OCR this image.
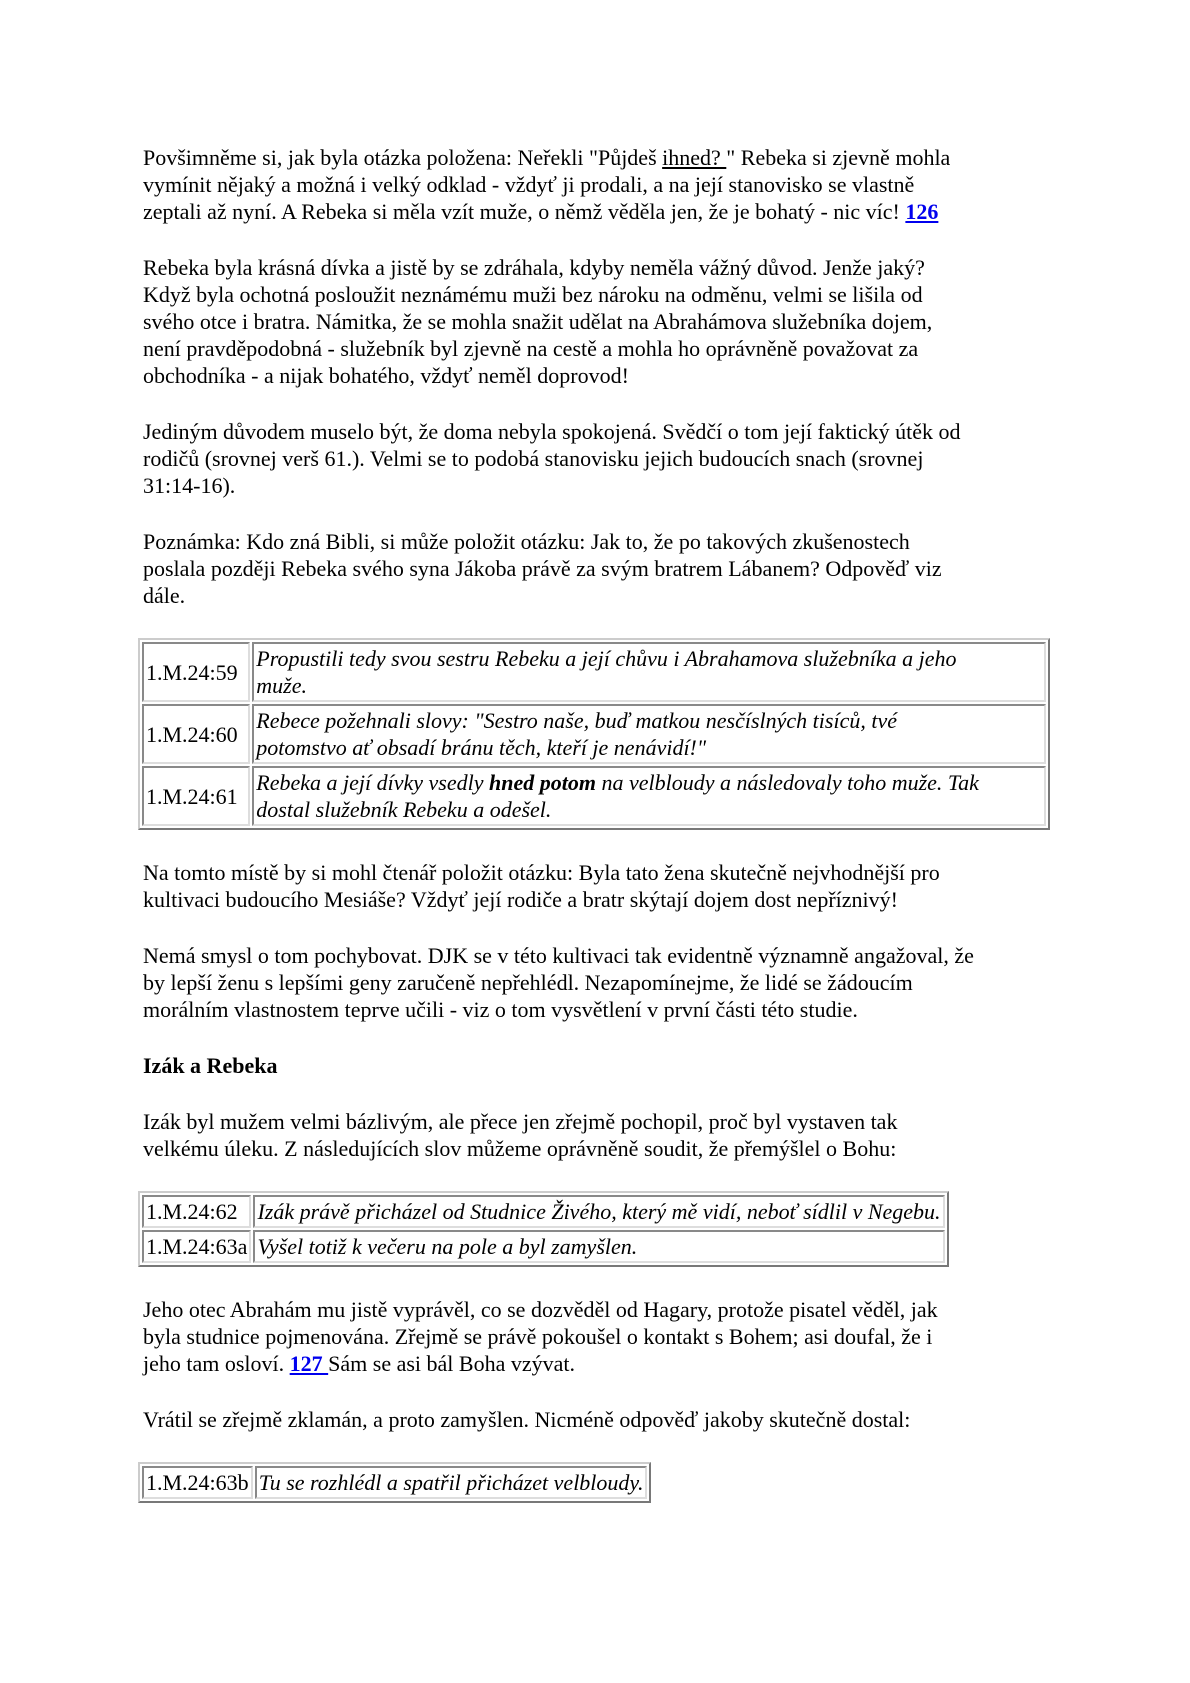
Povšimněme si, jak byla otázka položena: Neřekli "Půjdeš ihned? " Rebeka si zjevně mohla
vymínit nějaký a možná i velký odklad - vždyť ji prodali, a na její stanovisko se vlastně
zeptali až nyní. A Rebeka si měla vzít muže, o němž věděla jen, že je bohatý - nic víc! 126

Rebeka byla krásná dívka a jistě by se zdráhala, kdyby neměla vážný důvod. Jenže jaký?
Když byla ochotná posloužit neznámému muži bez nároku na odměnu, velmi se lišila od
svého otce i bratra. Námitka, že se mohla snažit udělat na Abrahámova služebníka dojem,
není pravděpodobná - služebník byl zjevně na cestě a mohla ho oprávněně považovat za
obchodníka - a nijak bohatého, vždyť neměl doprovod!

Jediným důvodem muselo být, že doma nebyla spokojená. Svědčí o tom její faktický útěk od
rodičů (srovnej verš 61.). Velmi se to podobá stanovisku jejich budoucích snach (srovnej
31:14-16).

Poznámka: Kdo zná Bibli, si může položit otázku: Jak to, že po takových zkušenostech
poslala později Rebeka svého syna Jákoba právě za svým bratrem Lábanem? Odpověď viz
dále.

1.M.24:59	Propustili tedy svou sestru Rebeku a její chůvu i Abrahamova služebníka a jeho
muže.

1.M.24:60	Rebece požehnali slovy: "Sestro naše, buď matkou nesčíslných tisíců, tvé
potomstvo ať obsadí bránu těch, kteří je nenávidí!"

1.M.24:61	Rebeka a její dívky vsedly hned potom na velbloudy a následovaly toho muže. Tak
dostal služebník Rebeku a odešel.

Na tomto místě by si mohl čtenář položit otázku: Byla tato žena skutečně nejvhodnější pro
kultivaci budoucího Mesiáše? Vždyť její rodiče a bratr skýtají dojem dost nepříznivý!

Nemá smysl o tom pochybovat. DJK se v této kultivaci tak evidentně významně angažoval, že
by lepší ženu s lepšími geny zaručeně nepřehlédl. Nezapomínejme, že lidé se žádoucím
morálním vlastnostem teprve učili - viz o tom vysvětlení v první části této studie.

Izák a Rebeka

Izák byl mužem velmi bázlivým, ale přece jen zřejmě pochopil, proč byl vystaven tak
velkému úleku. Z následujících slov můžeme oprávněně soudit, že přemýšlel o Bohu:

1.M.24:62	Izák právě přicházel od Studnice Živého, který mě vidí, neboť sídlil v Negebu.
1.M.24:63a	Vyšel totiž k večeru na pole a byl zamyšlen.

Jeho otec Abrahám mu jistě vyprávěl, co se dozvěděl od Hagary, protože pisatel věděl, jak
byla studnice pojmenována. Zřejmě se právě pokoušel o kontakt s Bohem; asi doufal, že i
jeho tam osloví. 127 Sám se asi bál Boha vzývat.

Vrátil se zřejmě zklamán, a proto zamyšlen. Nicméně odpověď jakoby skutečně dostal:

1.M.24:63b	Tu se rozhlédl a spatřil přicházet velbloudy.
